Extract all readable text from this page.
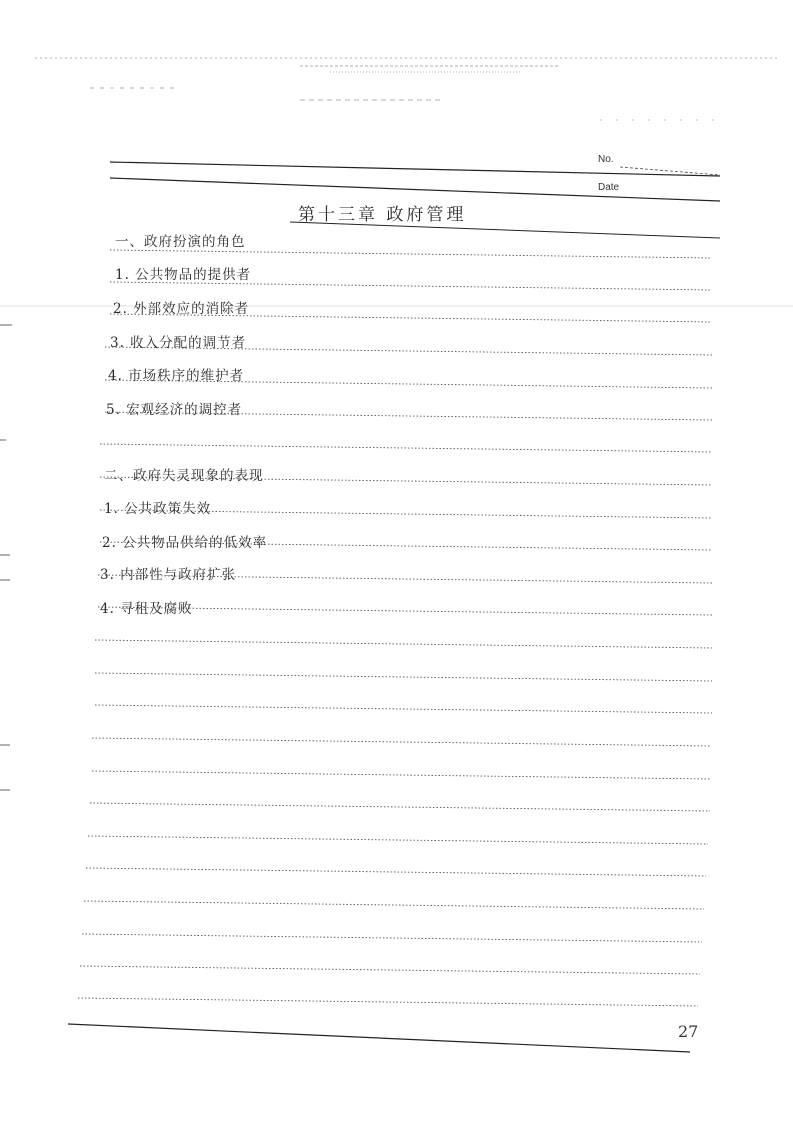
No.
Date
第十三章 政府管理
一、政府扮演的角色
1. 公共物品的提供者
2. 外部效应的消除者
3. 收入分配的调节者
4. 市场秩序的维护者
5. 宏观经济的调控者
二、政府失灵现象的表现
1. 公共政策失效
2. 公共物品供给的低效率
3. 内部性与政府扩张
4. 寻租及腐败
27
